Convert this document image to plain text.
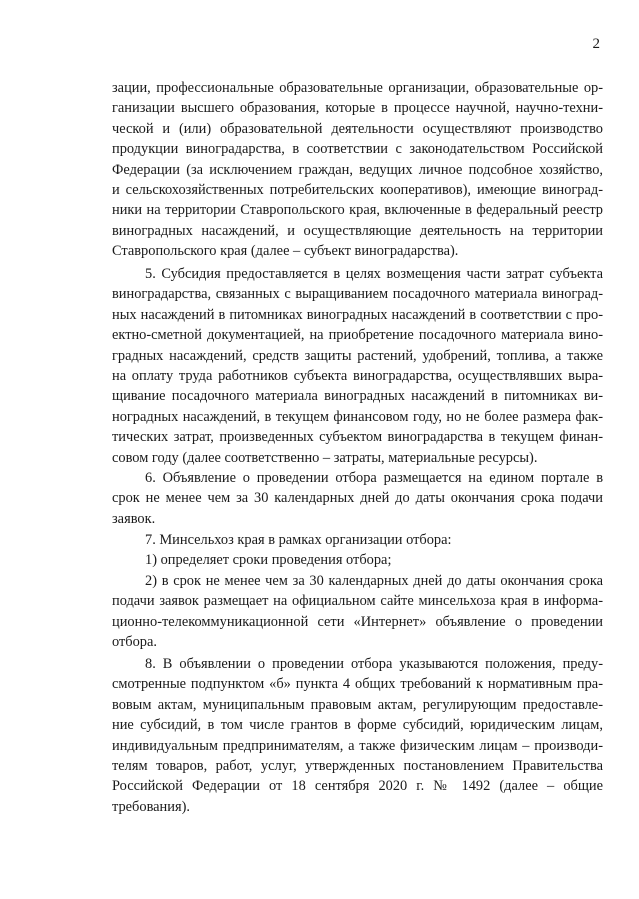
2
зации, профессиональные образовательные организации, образовательные ор-
ганизации высшего образования, которые в процессе научной, научно-техни-
ческой и (или) образовательной деятельности осуществляют производство
продукции виноградарства, в соответствии с законодательством Российской
Федерации (за исключением граждан, ведущих личное подсобное хозяйство,
и сельскохозяйственных потребительских кооперативов), имеющие виноград-
ники на территории Ставропольского края, включенные в федеральный реестр
виноградных насаждений, и осуществляющие деятельность на территории
Ставропольского края (далее – субъект виноградарства).
5. Субсидия предоставляется в целях возмещения части затрат субъекта
виноградарства, связанных с выращиванием посадочного материала виноград-
ных насаждений в питомниках виноградных насаждений в соответствии с про-
ектно-сметной документацией, на приобретение посадочного материала вино-
градных насаждений, средств защиты растений, удобрений, топлива, а также
на оплату труда работников субъекта виноградарства, осуществлявших выра-
щивание посадочного материала виноградных насаждений в питомниках ви-
ноградных насаждений, в текущем финансовом году, но не более размера фак-
тических затрат, произведенных субъектом виноградарства в текущем финан-
совом году (далее соответственно – затраты, материальные ресурсы).
6. Объявление о проведении отбора размещается на едином портале в
срок не менее чем за 30 календарных дней до даты окончания срока подачи
заявок.
7. Минсельхоз края в рамках организации отбора:
1) определяет сроки проведения отбора;
2) в срок не менее чем за 30 календарных дней до даты окончания срока
подачи заявок размещает на официальном сайте минсельхоза края в информа-
ционно-телекоммуникационной сети «Интернет» объявление о проведении
отбора.
8. В объявлении о проведении отбора указываются положения, преду-
смотренные подпунктом «б» пункта 4 общих требований к нормативным пра-
вовым актам, муниципальным правовым актам, регулирующим предоставле-
ние субсидий, в том числе грантов в форме субсидий, юридическим лицам,
индивидуальным предпринимателям, а также физическим лицам – производи-
телям товаров, работ, услуг, утвержденных постановлением Правительства
Российской Федерации от 18 сентября 2020 г. № 1492 (далее – общие
требования).
